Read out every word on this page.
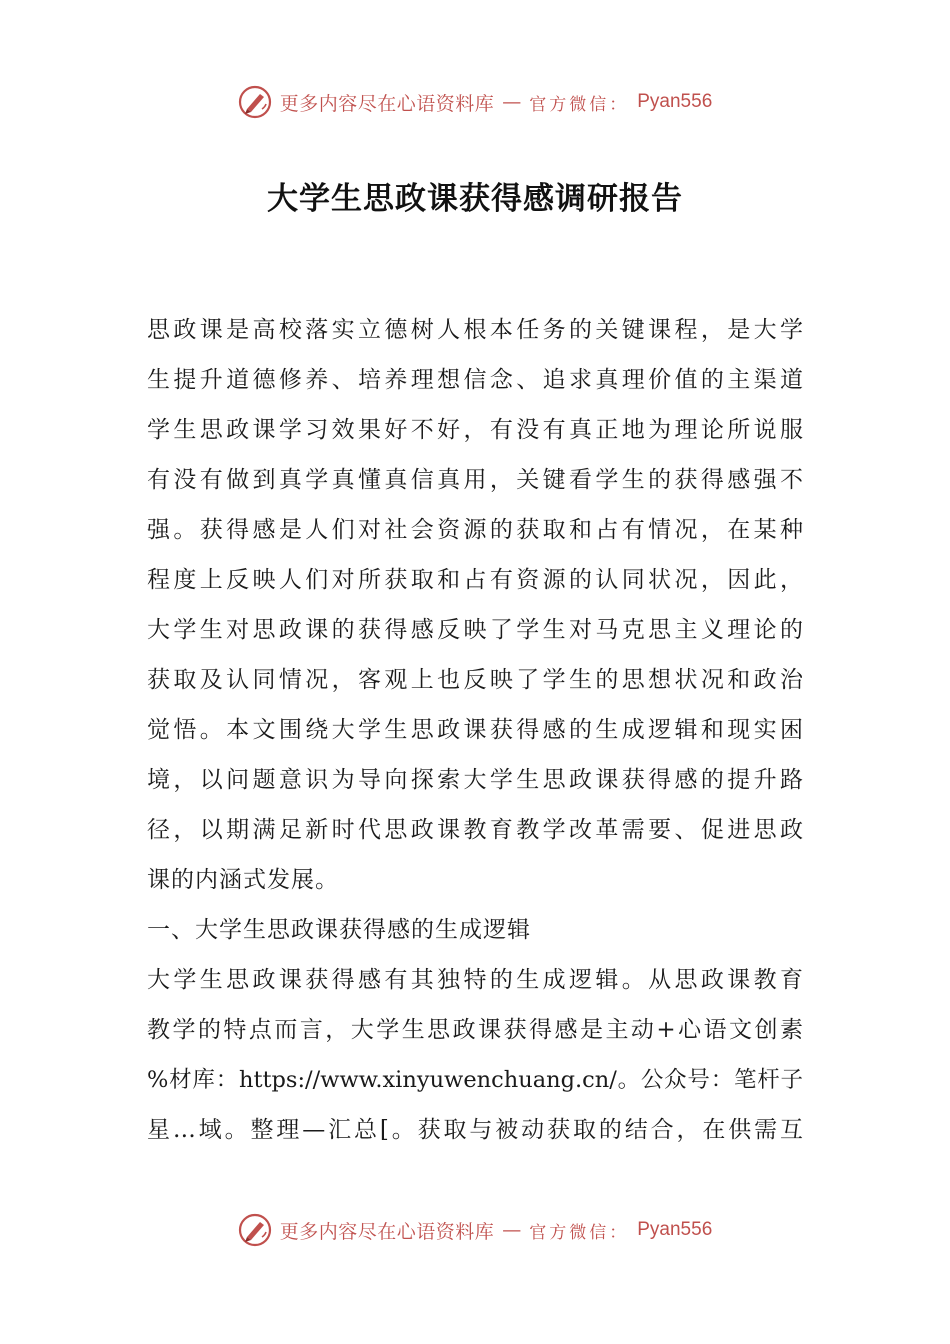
更多内容尽在心语资料库 — 官方微信： Pyan556
大学生思政课获得感调研报告
思政课是高校落实立德树人根本任务的关键课程，是大学
生提升道德修养、培养理想信念、追求真理价值的主渠道
学生思政课学习效果好不好，有没有真正地为理论所说服
有没有做到真学真懂真信真用，关键看学生的获得感强不
强。获得感是人们对社会资源的获取和占有情况，在某种
程度上反映人们对所获取和占有资源的认同状况，因此，
大学生对思政课的获得感反映了学生对马克思主义理论的
获取及认同情况，客观上也反映了学生的思想状况和政治
觉悟。本文围绕大学生思政课获得感的生成逻辑和现实困
境，以问题意识为导向探索大学生思政课获得感的提升路
径，以期满足新时代思政课教育教学改革需要、促进思政
课的内涵式发展。
一、大学生思政课获得感的生成逻辑
大学生思政课获得感有其独特的生成逻辑。从思政课教育
教学的特点而言，大学生思政课获得感是主动+心语文创素
%材库：https://www.xinyuwenchuang.cn/。公众号：笔杆子
星…域。整理—汇总[。获取与被动获取的结合，在供需互
更多内容尽在心语资料库 — 官方微信： Pyan556
